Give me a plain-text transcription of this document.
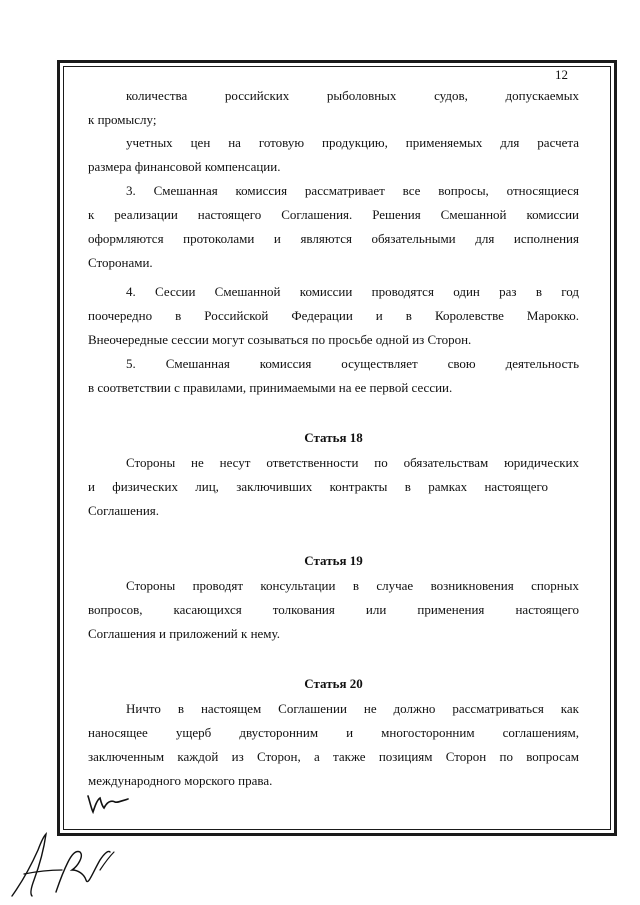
12
количества российских рыболовных судов, допускаемых
к промыслу;
учетных цен на готовую продукцию, применяемых для расчета
размера финансовой компенсации.
3. Смешанная комиссия рассматривает все вопросы, относящиеся
к реализации настоящего Соглашения. Решения Смешанной комиссии
оформляются протоколами и являются обязательными для исполнения
Сторонами.
4. Сессии Смешанной комиссии проводятся один раз в год
поочередно в Российской Федерации и в Королевстве Марокко.
Внеочередные сессии могут созываться по просьбе одной из Сторон.
5. Смешанная комиссия осуществляет свою деятельность
в соответствии с правилами, принимаемыми на ее первой сессии.
Статья 18
Стороны не несут ответственности по обязательствам юридических
и физических лиц, заключивших контракты в рамках настоящего
Соглашения.
Статья 19
Стороны проводят консультации в случае возникновения спорных
вопросов, касающихся толкования или применения настоящего
Соглашения и приложений к нему.
Статья 20
Ничто в настоящем Соглашении не должно рассматриваться как
наносящее ущерб двусторонним и многосторонним соглашениям,
заключенным каждой из Сторон, а также позициям Сторон по вопросам
международного морского права.
